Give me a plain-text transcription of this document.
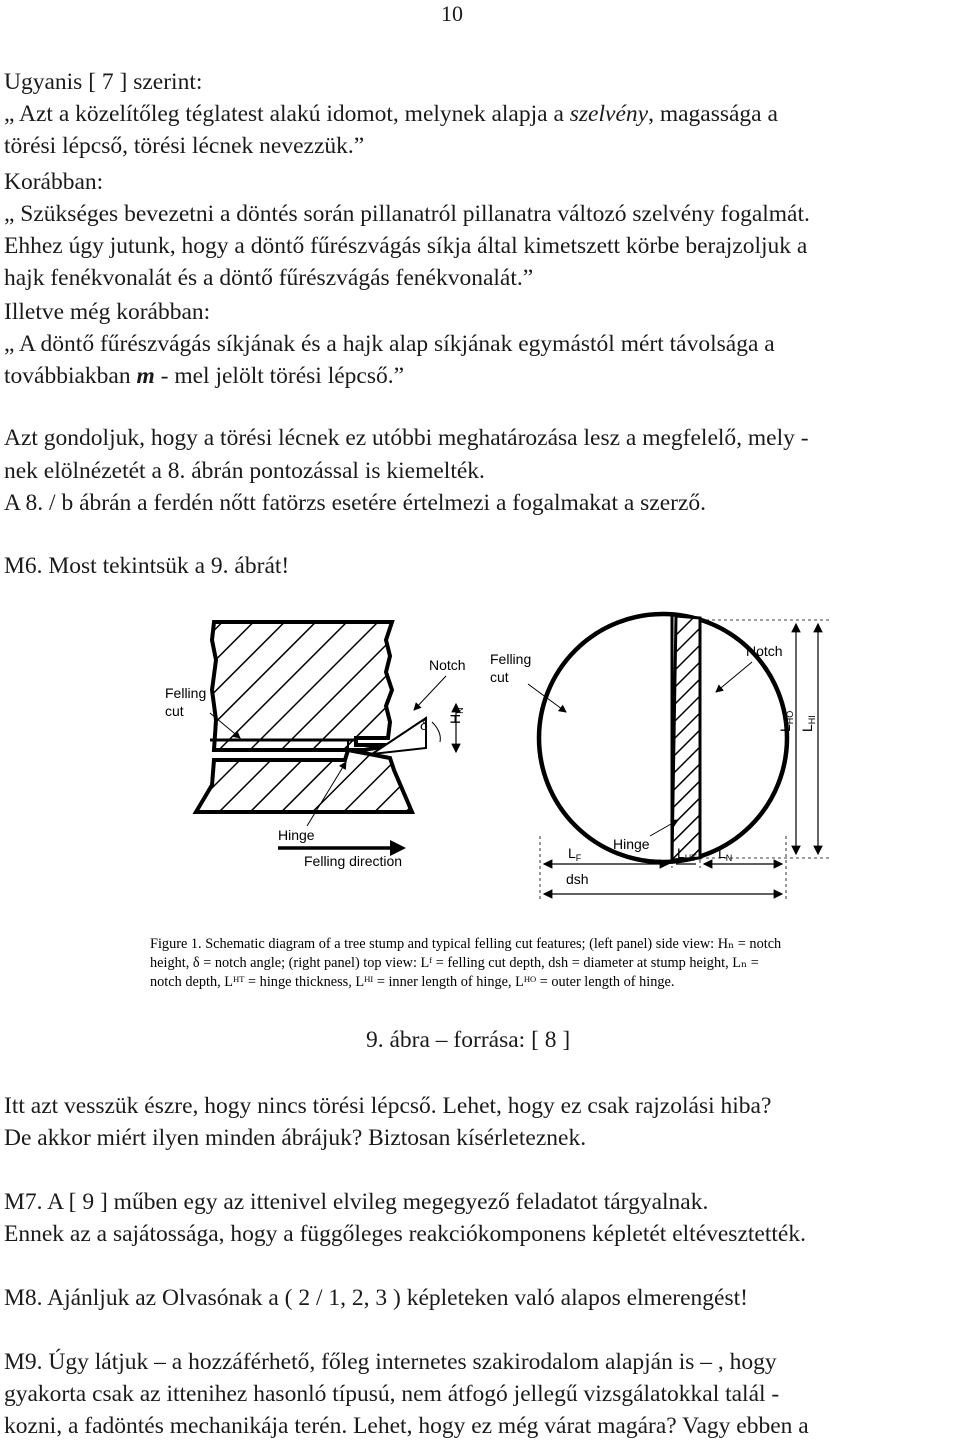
10
Ugyanis [ 7 ] szerint:
„ Azt a közelítőleg téglatest alakú idomot, melynek alapja a szelvény, magassága a
törési lépcső, törési lécnek nevezzük.”
Korábban:
„ Szükséges bevezetni a döntés során pillanatról pillanatra változó szelvény fogalmát.
Ehhez úgy jutunk, hogy a döntő fűrészvágás síkja által kimetszett körbe berajzoljuk a
hajk fenékvonalát és a döntő fűrészvágás fenékvonalát.”
Illetve még korábban:
„ A döntő fűrészvágás síkjának és a hajk alap síkjának egymástól mért távolsága a
továbbiakban m - mel jelölt törési lépcső.”
Azt gondoljuk, hogy a törési lécnek ez utóbbi meghatározása lesz a megfelelő, mely -
nek elölnézetét a 8. ábrán pontozással is kiemelték.
A 8. / b ábrán a ferdén nőtt fatörzs esetére értelmezi a fogalmakat a szerző.
M6. Most tekintsük a 9. ábrát!
δ $H_N$
Felling
cut
Notch
Hinge
Felling direction
Felling
cut
Notch
Hinge
$L_{HO}$
$L_{HI}$
$L_F$	$L_{HT}$ $L_N$
dsh
Figure 1. Schematic diagram of a tree stump and typical felling cut features; (left panel) side view: Hₙ = notch
height, δ = notch angle; (right panel) top view: Lᶠ = felling cut depth, dsh = diameter at stump height, Lₙ =
notch depth, Lᴴᵀ = hinge thickness, Lᴴᴵ = inner length of hinge, Lᴴᴼ = outer length of hinge.
9. ábra – forrása: [ 8 ]
Itt azt vesszük észre, hogy nincs törési lépcső. Lehet, hogy ez csak rajzolási hiba?
De akkor miért ilyen minden ábrájuk? Biztosan kísérleteznek.
M7. A [ 9 ] műben egy az ittenivel elvileg megegyező feladatot tárgyalnak.
Ennek az a sajátossága, hogy a függőleges reakciókomponens képletét eltévesztették.
M8. Ajánljuk az Olvasónak a ( 2 / 1, 2, 3 ) képleteken való alapos elmerengést!
M9. Úgy látjuk – a hozzáférhető, főleg internetes szakirodalom alapján is – , hogy
gyakorta csak az ittenihez hasonló típusú, nem átfogó jellegű vizsgálatokkal talál -
kozni, a fadöntés mechanikája terén. Lehet, hogy ez még várat magára? Vagy ebben a
